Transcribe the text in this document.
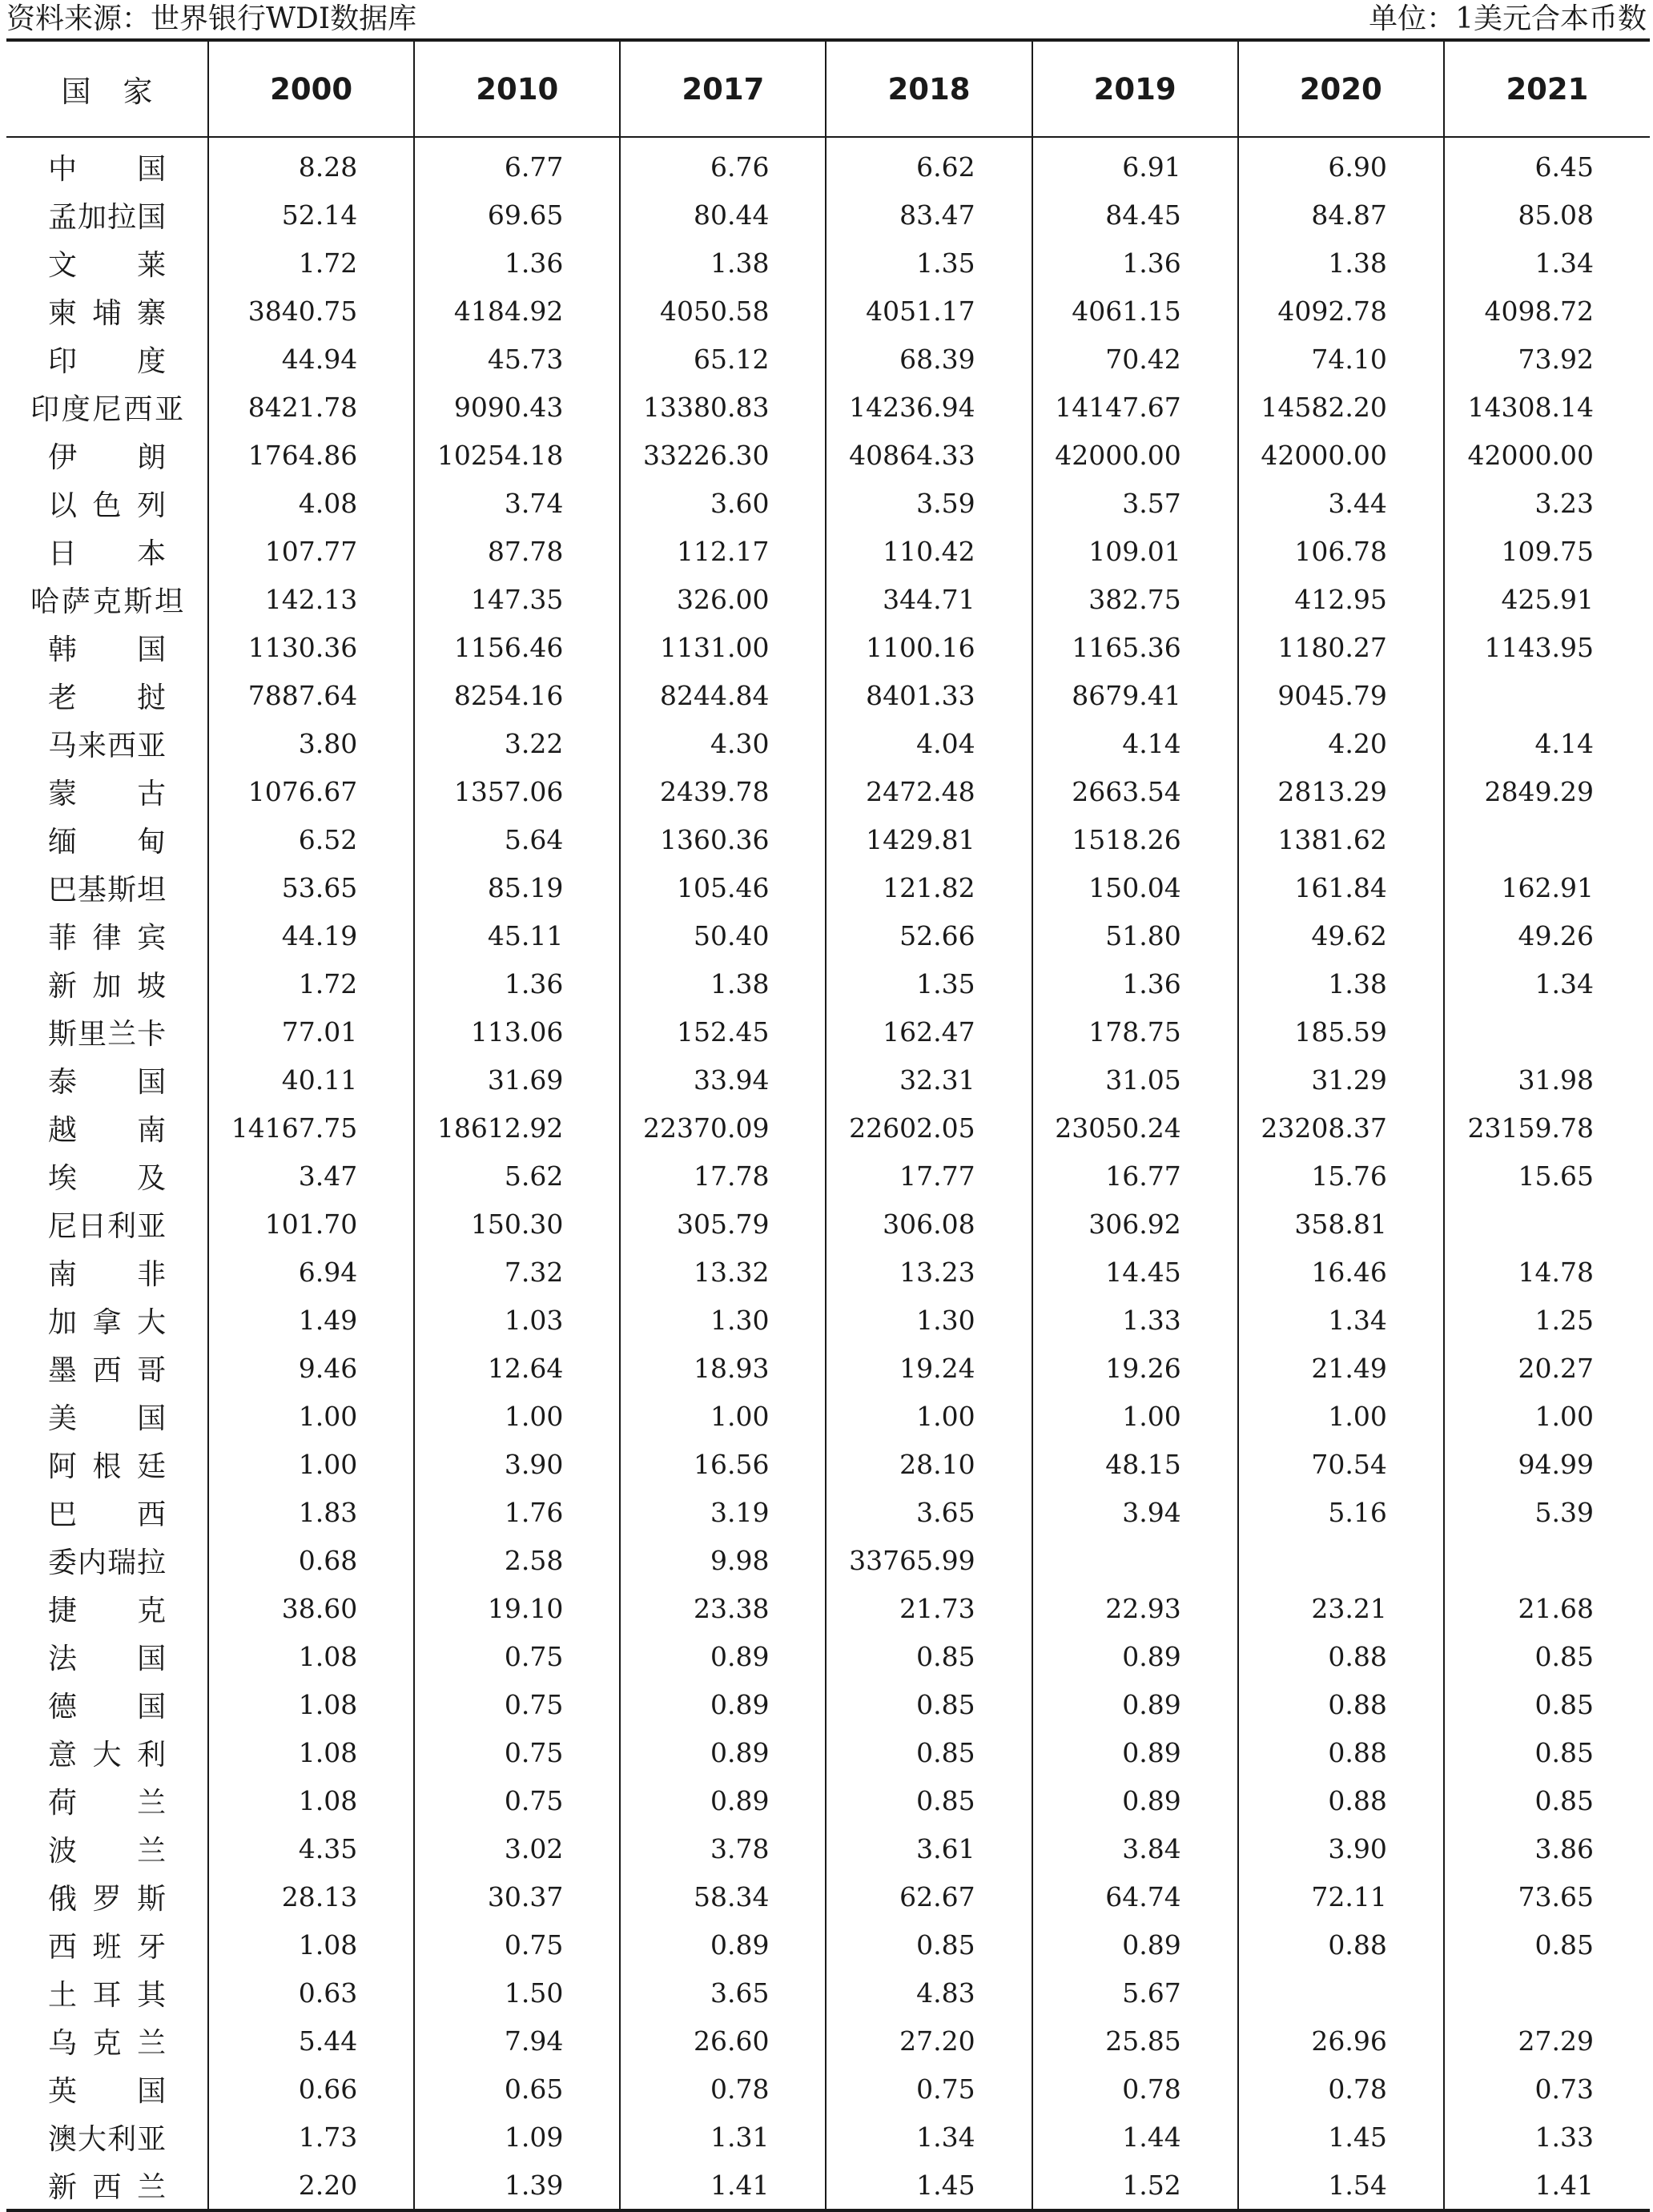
资料来源：世界银行WDI数据库	单位：1美元合本币数
国家	2000	2010	2017	2018	2019	2020	2021
中国	8.28	6.77	6.76	6.62	6.91	6.90	6.45
孟加拉国	52.14	69.65	80.44	83.47	84.45	84.87	85.08
文莱	1.72	1.36	1.38	1.35	1.36	1.38	1.34
柬埔寨	3840.75	4184.92	4050.58	4051.17	4061.15	4092.78	4098.72
印度	44.94	45.73	65.12	68.39	70.42	74.10	73.92
印度尼西亚	8421.78	9090.43	13380.83	14236.94	14147.67	14582.20	14308.14
伊朗	1764.86	10254.18	33226.30	40864.33	42000.00	42000.00	42000.00
以色列	4.08	3.74	3.60	3.59	3.57	3.44	3.23
日本	107.77	87.78	112.17	110.42	109.01	106.78	109.75
哈萨克斯坦	142.13	147.35	326.00	344.71	382.75	412.95	425.91
韩国	1130.36	1156.46	1131.00	1100.16	1165.36	1180.27	1143.95
老挝	7887.64	8254.16	8244.84	8401.33	8679.41	9045.79	
马来西亚	3.80	3.22	4.30	4.04	4.14	4.20	4.14
蒙古	1076.67	1357.06	2439.78	2472.48	2663.54	2813.29	2849.29
缅甸	6.52	5.64	1360.36	1429.81	1518.26	1381.62	
巴基斯坦	53.65	85.19	105.46	121.82	150.04	161.84	162.91
菲律宾	44.19	45.11	50.40	52.66	51.80	49.62	49.26
新加坡	1.72	1.36	1.38	1.35	1.36	1.38	1.34
斯里兰卡	77.01	113.06	152.45	162.47	178.75	185.59	
泰国	40.11	31.69	33.94	32.31	31.05	31.29	31.98
越南	14167.75	18612.92	22370.09	22602.05	23050.24	23208.37	23159.78
埃及	3.47	5.62	17.78	17.77	16.77	15.76	15.65
尼日利亚	101.70	150.30	305.79	306.08	306.92	358.81	
南非	6.94	7.32	13.32	13.23	14.45	16.46	14.78
加拿大	1.49	1.03	1.30	1.30	1.33	1.34	1.25
墨西哥	9.46	12.64	18.93	19.24	19.26	21.49	20.27
美国	1.00	1.00	1.00	1.00	1.00	1.00	1.00
阿根廷	1.00	3.90	16.56	28.10	48.15	70.54	94.99
巴西	1.83	1.76	3.19	3.65	3.94	5.16	5.39
委内瑞拉	0.68	2.58	9.98	33765.99			
捷克	38.60	19.10	23.38	21.73	22.93	23.21	21.68
法国	1.08	0.75	0.89	0.85	0.89	0.88	0.85
德国	1.08	0.75	0.89	0.85	0.89	0.88	0.85
意大利	1.08	0.75	0.89	0.85	0.89	0.88	0.85
荷兰	1.08	0.75	0.89	0.85	0.89	0.88	0.85
波兰	4.35	3.02	3.78	3.61	3.84	3.90	3.86
俄罗斯	28.13	30.37	58.34	62.67	64.74	72.11	73.65
西班牙	1.08	0.75	0.89	0.85	0.89	0.88	0.85
土耳其	0.63	1.50	3.65	4.83	5.67		
乌克兰	5.44	7.94	26.60	27.20	25.85	26.96	27.29
英国	0.66	0.65	0.78	0.75	0.78	0.78	0.73
澳大利亚	1.73	1.09	1.31	1.34	1.44	1.45	1.33
新西兰	2.20	1.39	1.41	1.45	1.52	1.54	1.41
